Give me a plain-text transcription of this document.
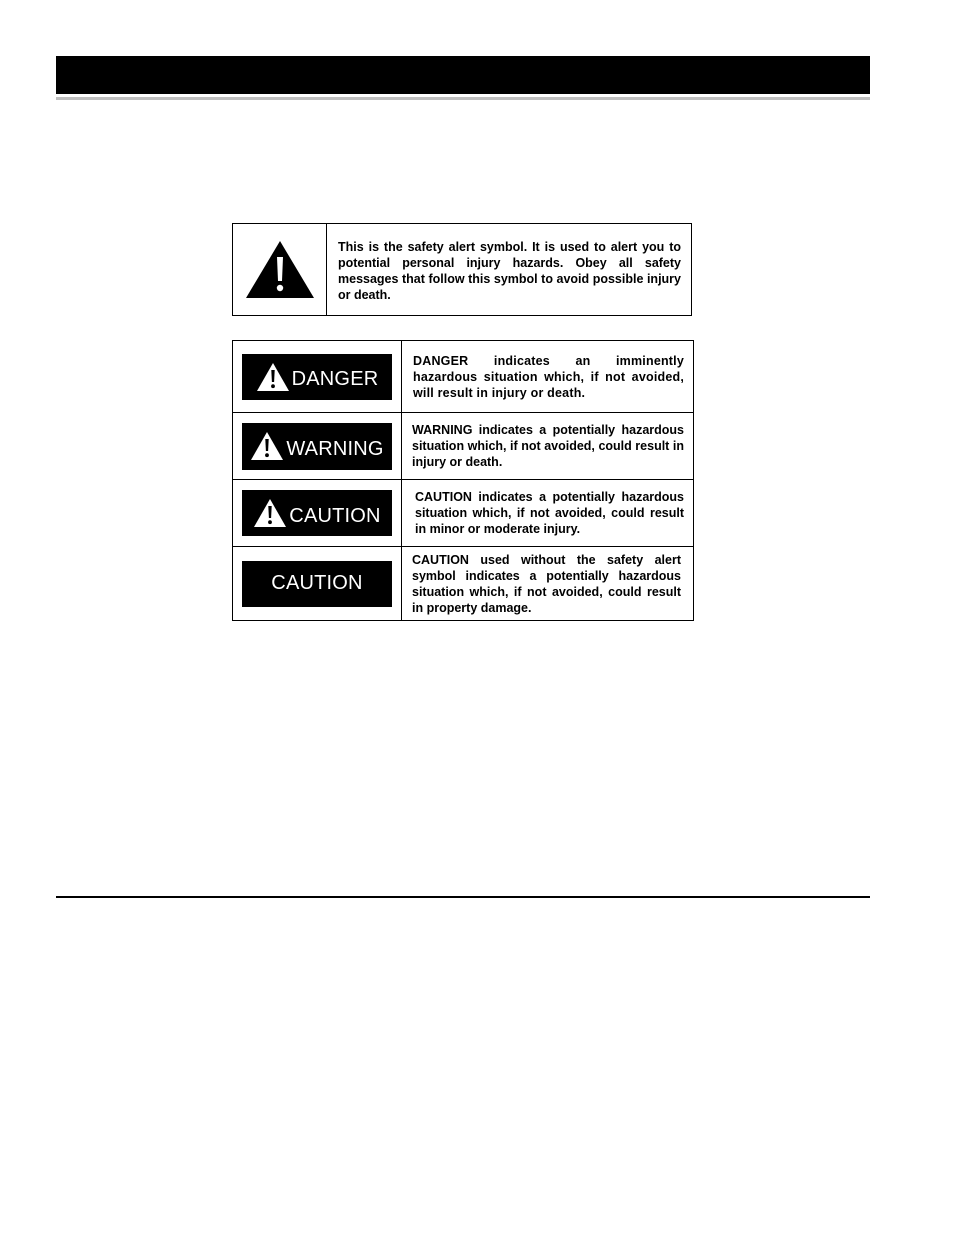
This is the safety alert symbol. It is used to alert you to potential personal injury hazards. Obey all safety messages that follow this symbol to avoid possible injury or death.
DANGER
DANGER indicates an imminently hazardous situation which, if not avoided, will result in injury or death.
WARNING
WARNING indicates a potentially hazardous situation which, if not avoided, could result in injury or death.
CAUTION
CAUTION indicates a potentially hazardous situation which, if not avoided, could result in minor or moderate injury.
CAUTION
CAUTION used without the safety alert symbol indicates a potentially hazardous situation which, if not avoided, could result in property damage.
